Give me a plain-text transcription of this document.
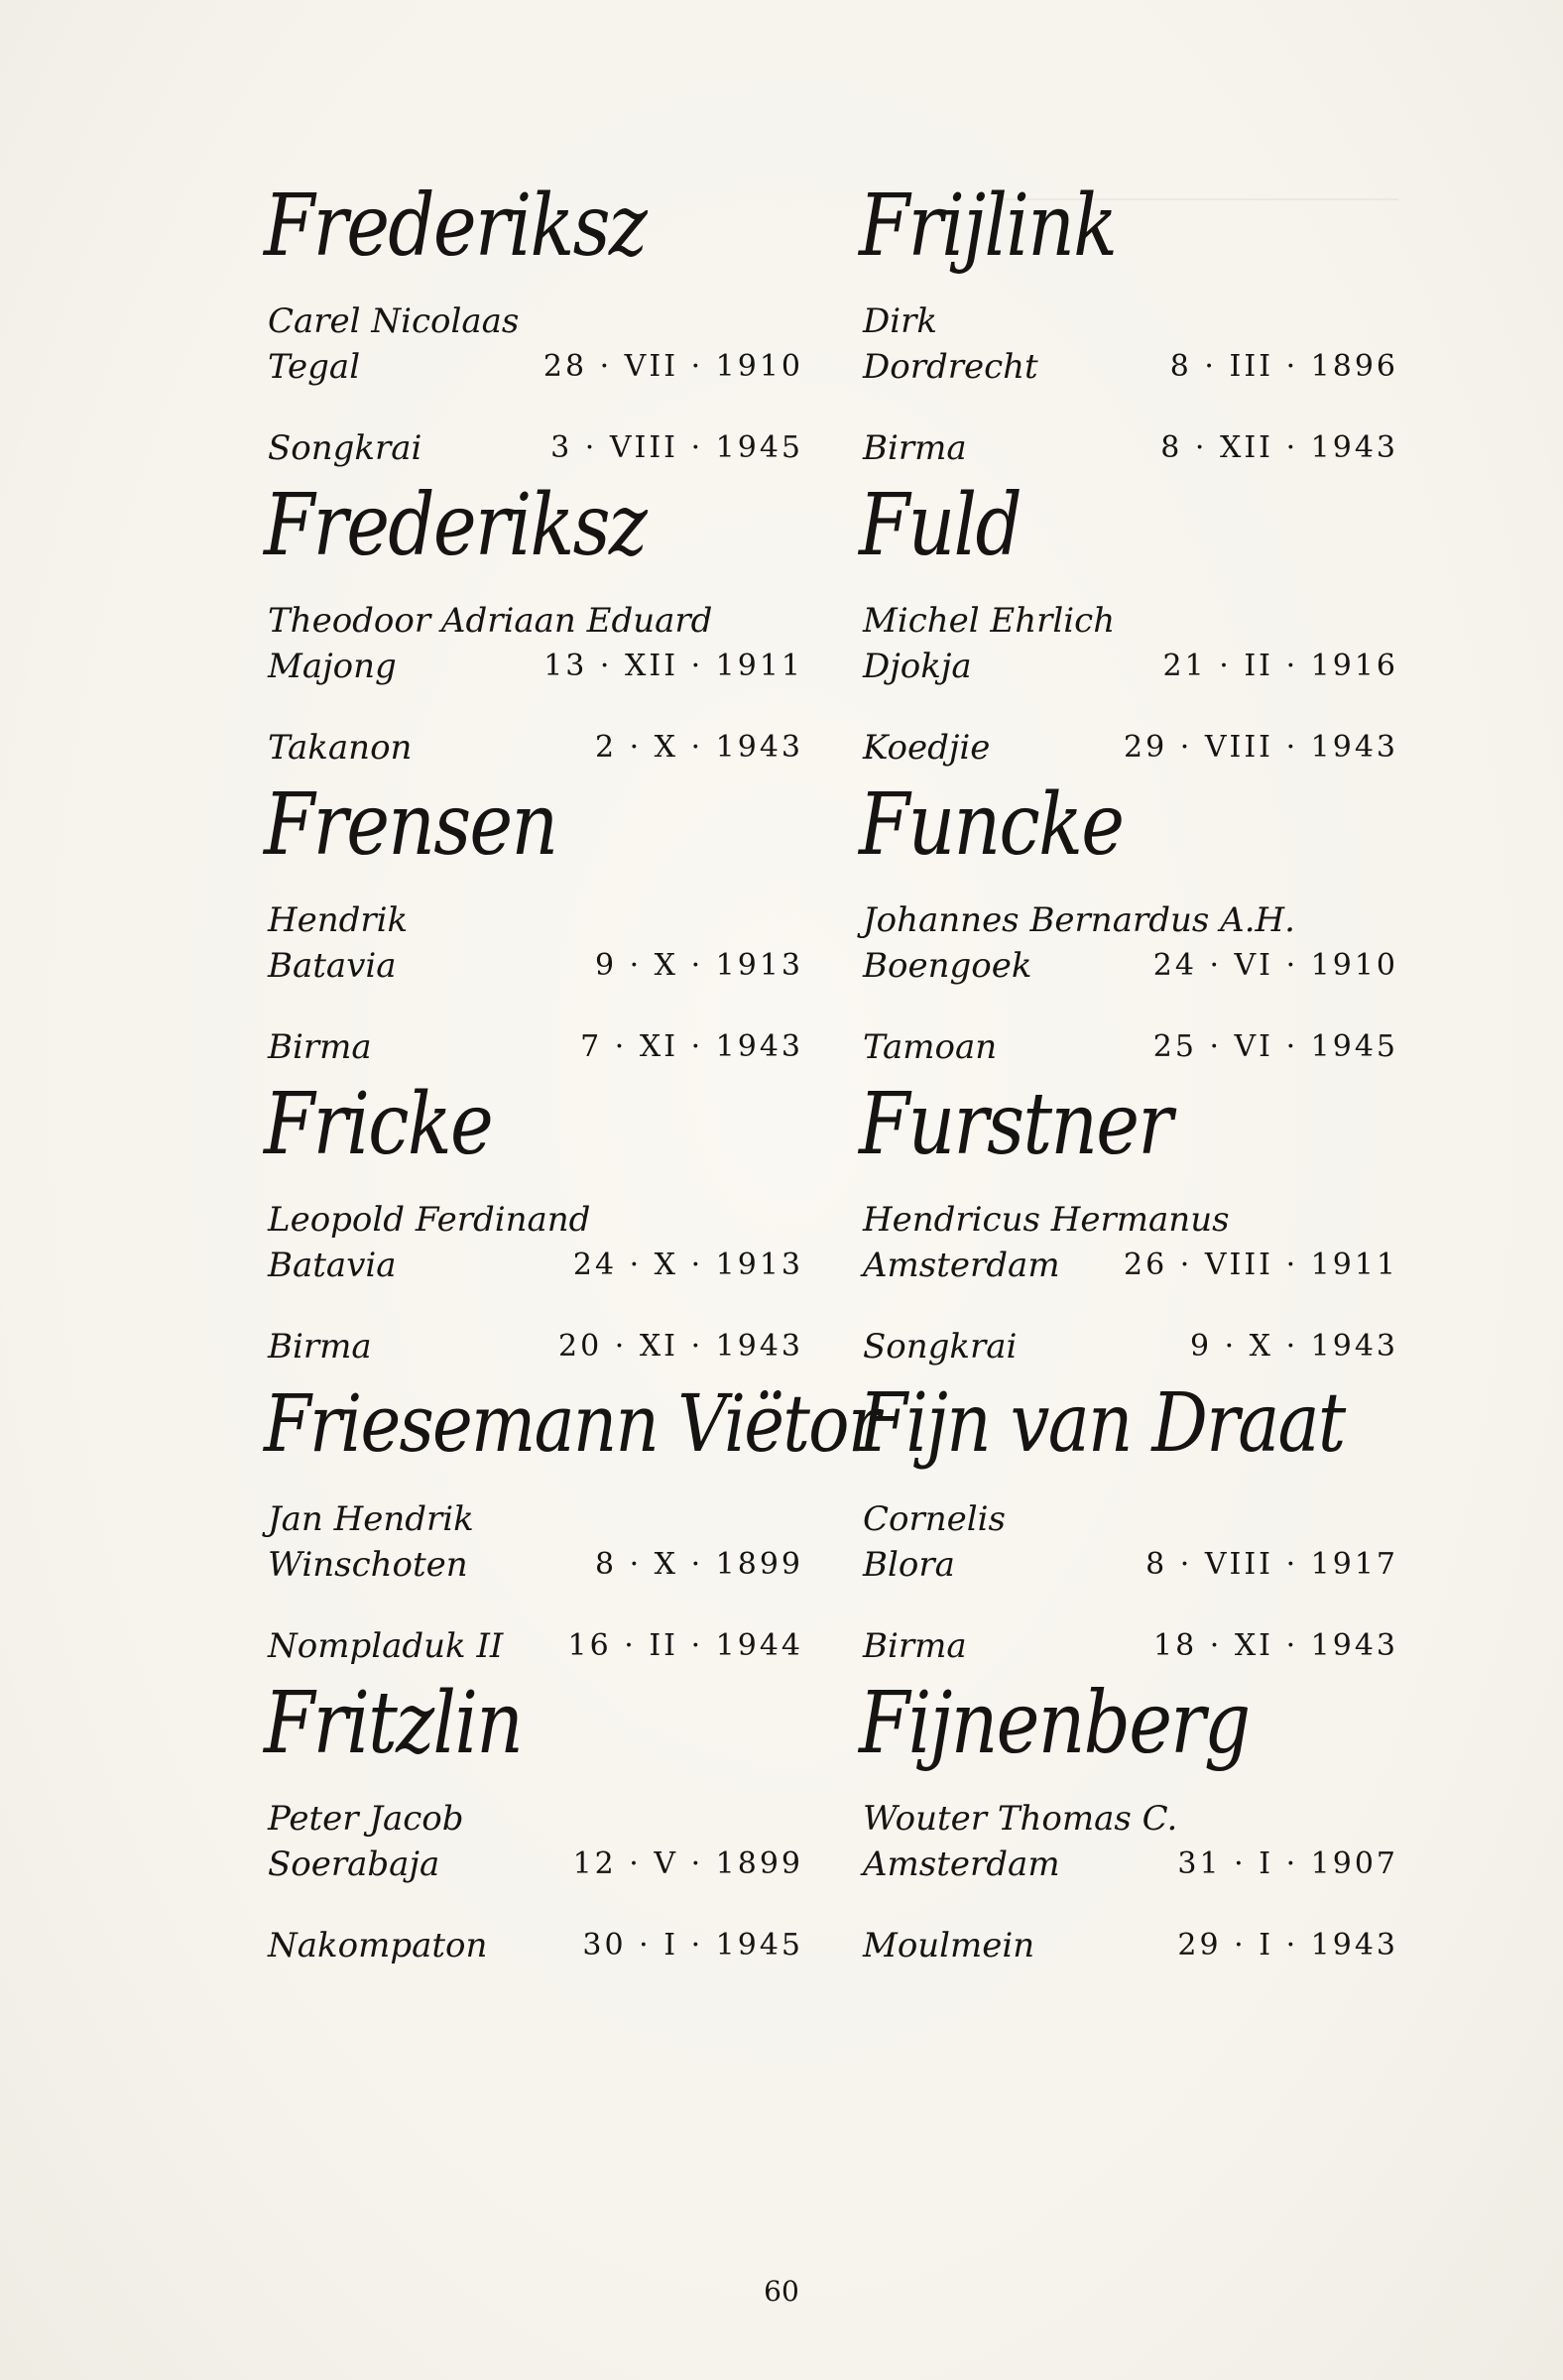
Frederiksz
Carel Nicolaas
Tegal	28 · VII · 1910
Songkrai	3 · VIII · 1945
Frederiksz
Theodoor Adriaan Eduard
Majong	13 · XII · 1911
Takanon	2 · X · 1943
Frensen
Hendrik
Batavia	9 · X · 1913
Birma	7 · XI · 1943
Fricke
Leopold Ferdinand
Batavia	24 · X · 1913
Birma	20 · XI · 1943
Friesemann Viëtor
Jan Hendrik
Winschoten	8 · X · 1899
Nompladuk II 16 · II · 1944
Fritzlin
Peter Jacob
Soerabaja	12 · V · 1899
Nakompaton	30 · I · 1945
Frijlink
Dirk
Dordrecht	8 · III · 1896
Birma	8 · XII · 1943
Fuld
Michel Ehrlich
Djokja	21 · II · 1916
Koedjie	29 · VIII · 1943
Funcke
Johannes Bernardus A.H.
Boengoek	24 · VI · 1910
Tamoan	25 · VI · 1945
Furstner
Hendricus Hermanus
Amsterdam 26 · VIII · 1911
Songkrai	9 · X · 1943
Fijn van Draat
Cornelis
Blora	8 · VIII · 1917
Birma	18 · XI · 1943
Fijnenberg
Wouter Thomas C.
Amsterdam	31 · I · 1907
Moulmein	29 · I · 1943
60
